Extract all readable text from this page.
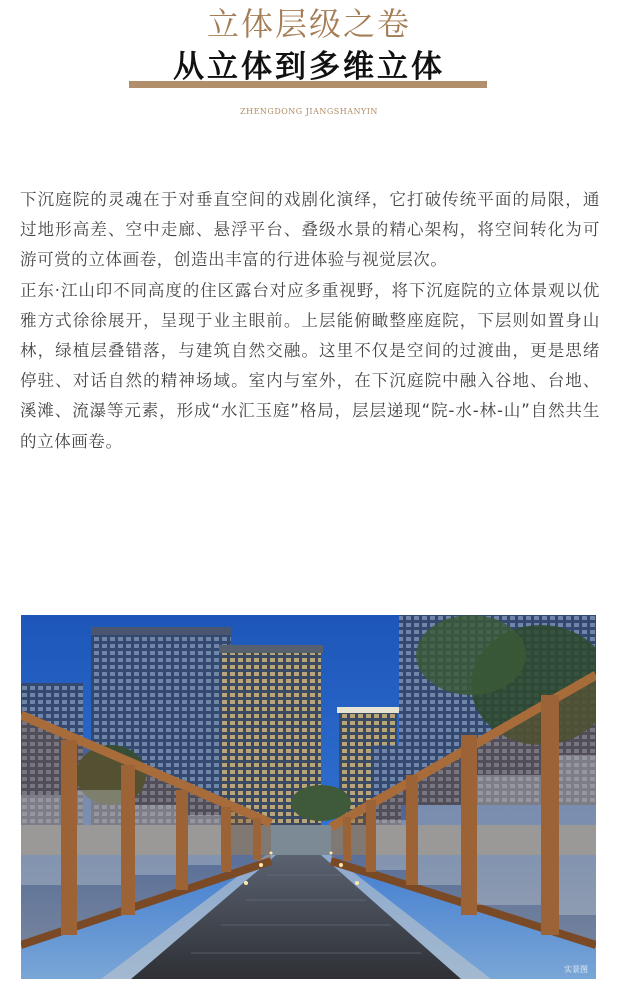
立体层级之卷
从立体到多维立体
ZHENGDONG JIANGSHANYIN

下沉庭院的灵魂在于对垂直空间的戏剧化演绎，它打破传统平面的局限，通过地形高差、空中走廊、悬浮平台、叠级水景的精心架构，将空间转化为可游可赏的立体画卷，创造出丰富的行进体验与视觉层次。

正东·江山印不同高度的住区露台对应多重视野，将下沉庭院的立体景观以优雅方式徐徐展开，呈现于业主眼前。上层能俯瞰整座庭院，下层则如置身山林，绿植层叠错落，与建筑自然交融。这里不仅是空间的过渡曲，更是思绪停驻、对话自然的精神场域。室内与室外，在下沉庭院中融入谷地、台地、溪滩、流瀑等元素，形成“水汇玉庭”格局，层层递现“院-水-林-山”自然共生的立体画卷。

实景图
